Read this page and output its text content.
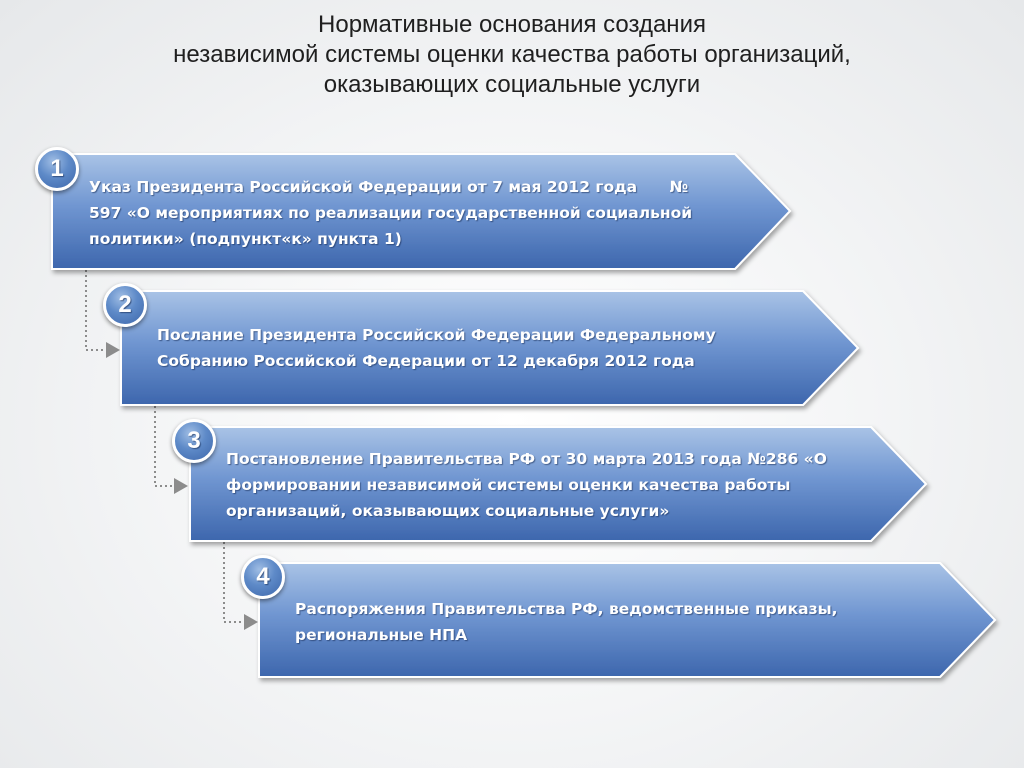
Нормативные основания создания
независимой системы оценки качества работы организаций,
оказывающих социальные услуги
1
2
3
4
Указ Президента Российской Федерации от 7 мая 2012 года      №
597 «О мероприятиях по реализации государственной социальной
политики» (подпункт«к» пункта 1)
Послание Президента Российской Федерации Федеральному
Собранию Российской Федерации от 12 декабря 2012 года
Постановление Правительства РФ от 30 марта 2013 года №286 «О
формировании независимой системы оценки качества работы
организаций, оказывающих социальные услуги»
Распоряжения Правительства РФ, ведомственные приказы,
региональные НПА
